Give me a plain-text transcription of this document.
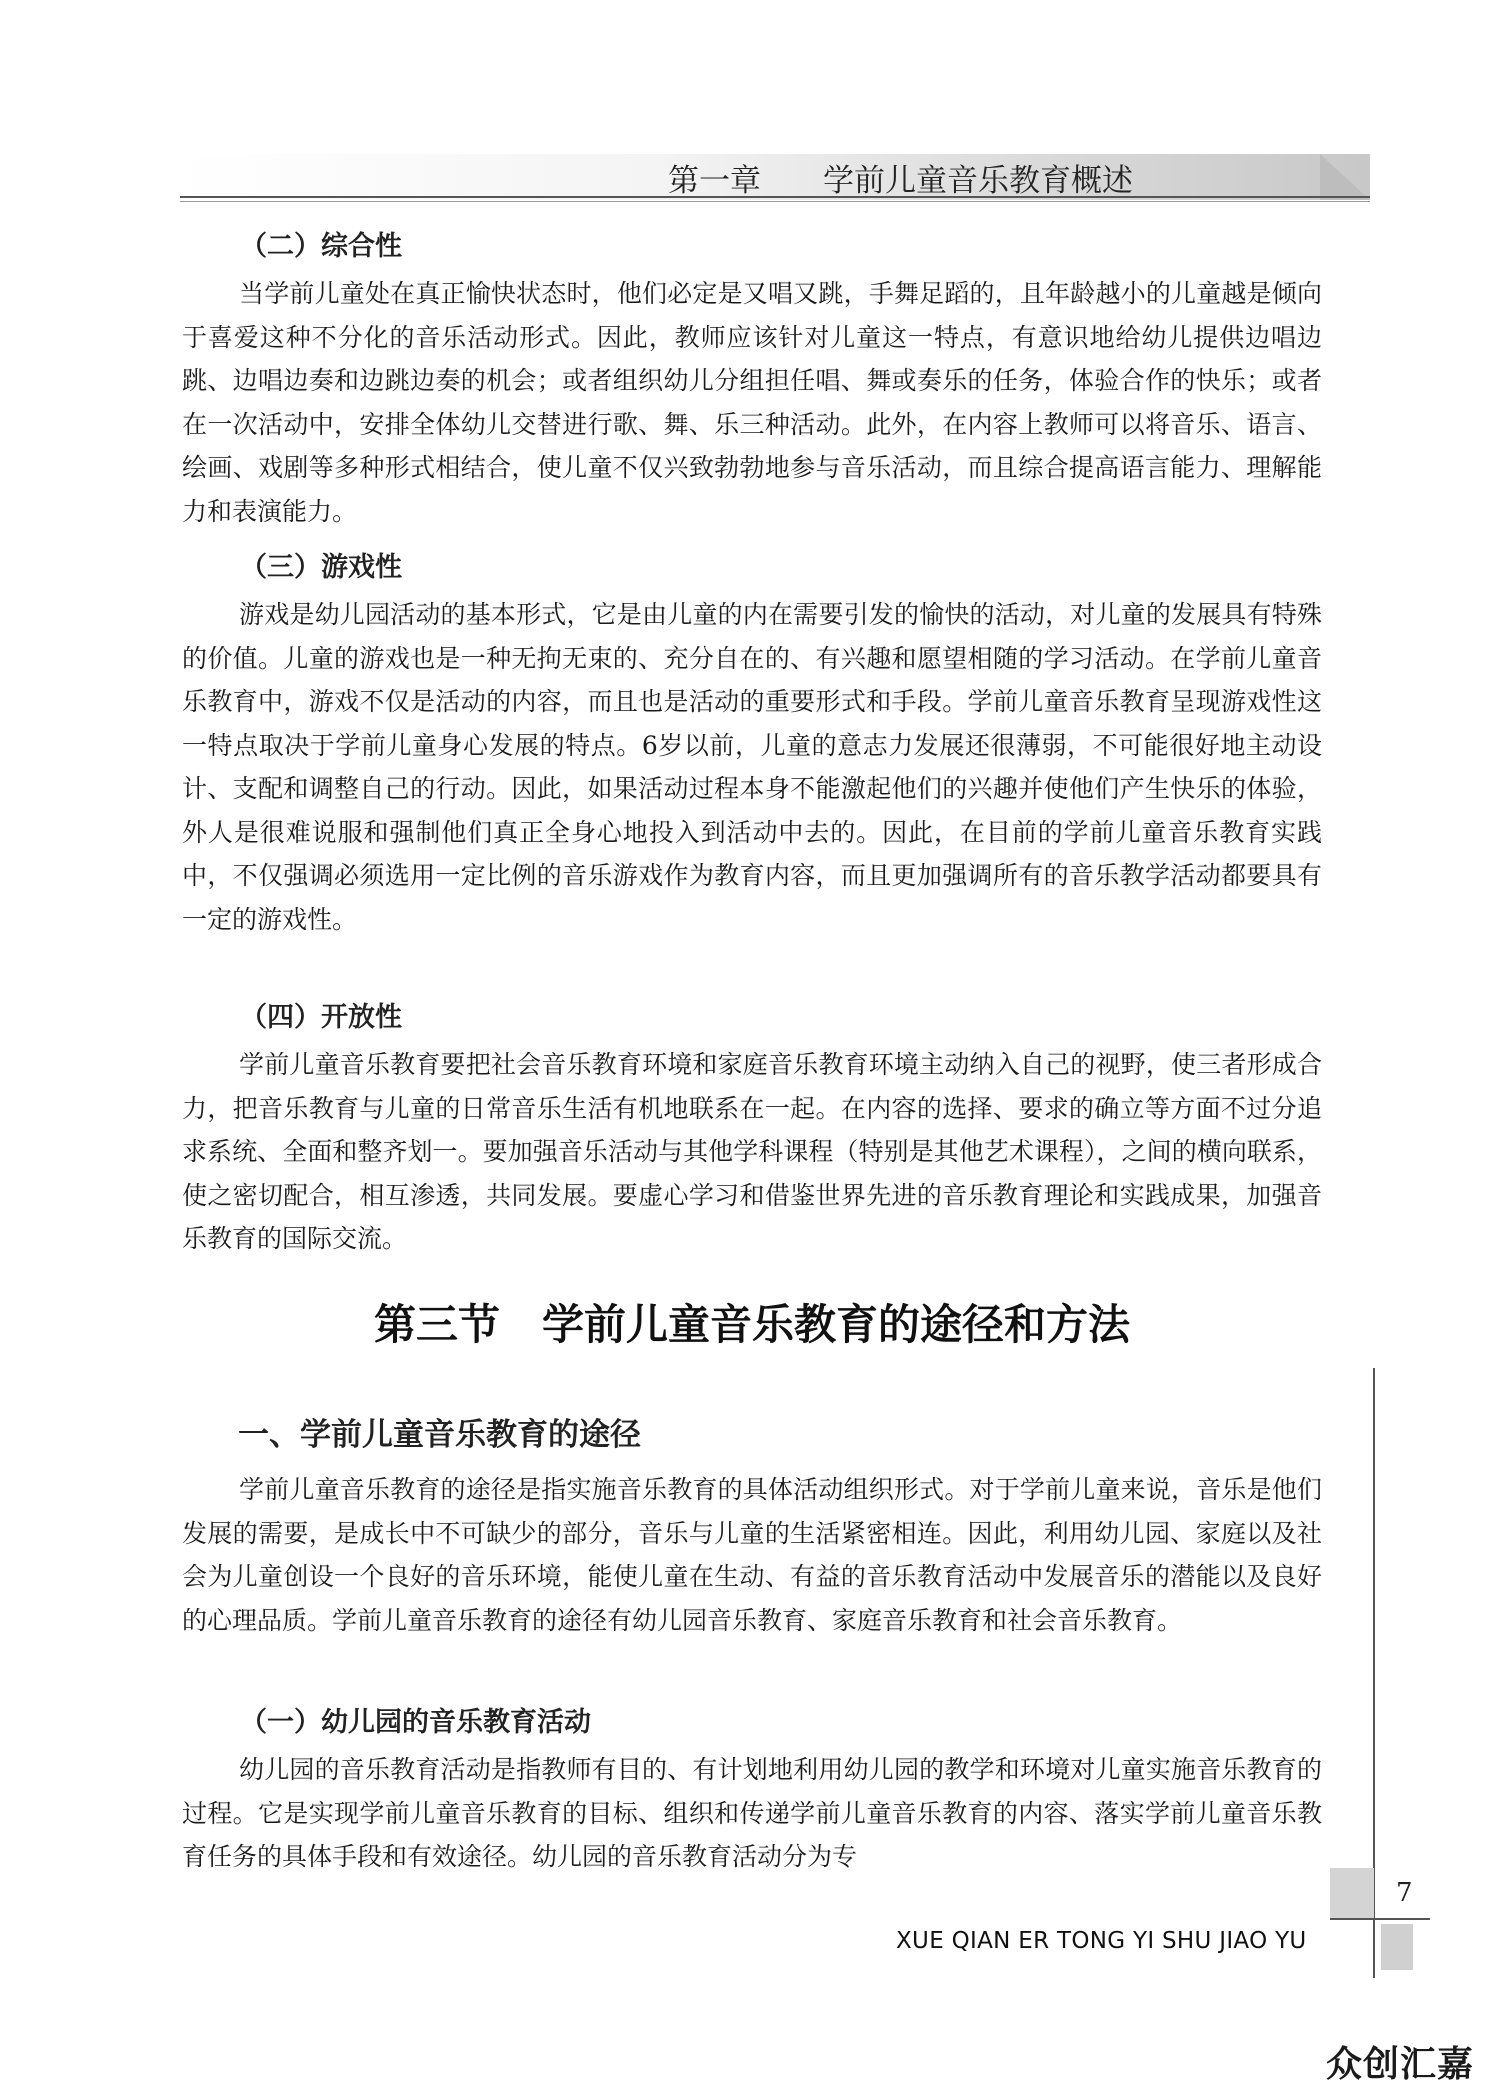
第一章　　学前儿童音乐教育概述
（二）综合性

当学前儿童处在真正愉快状态时，他们必定是又唱又跳，手舞足蹈的，且年龄越小的儿童越是倾向于喜爱这种不分化的音乐活动形式。因此，教师应该针对儿童这一特点，有意识地给幼儿提供边唱边跳、边唱边奏和边跳边奏的机会；或者组织幼儿分组担任唱、舞或奏乐的任务，体验合作的快乐；或者在一次活动中，安排全体幼儿交替进行歌、舞、乐三种活动。此外，在内容上教师可以将音乐、语言、绘画、戏剧等多种形式相结合，使儿童不仅兴致勃勃地参与音乐活动，而且综合提高语言能力、理解能力和表演能力。

（三）游戏性

游戏是幼儿园活动的基本形式，它是由儿童的内在需要引发的愉快的活动，对儿童的发展具有特殊的价值。儿童的游戏也是一种无拘无束的、充分自在的、有兴趣和愿望相随的学习活动。在学前儿童音乐教育中，游戏不仅是活动的内容，而且也是活动的重要形式和手段。学前儿童音乐教育呈现游戏性这一特点取决于学前儿童身心发展的特点。6岁以前，儿童的意志力发展还很薄弱，不可能很好地主动设计、支配和调整自己的行动。因此，如果活动过程本身不能激起他们的兴趣并使他们产生快乐的体验，外人是很难说服和强制他们真正全身心地投入到活动中去的。因此，在目前的学前儿童音乐教育实践中，不仅强调必须选用一定比例的音乐游戏作为教育内容，而且更加强调所有的音乐教学活动都要具有一定的游戏性。

（四）开放性

学前儿童音乐教育要把社会音乐教育环境和家庭音乐教育环境主动纳入自己的视野，使三者形成合力，把音乐教育与儿童的日常音乐生活有机地联系在一起。在内容的选择、要求的确立等方面不过分追求系统、全面和整齐划一。要加强音乐活动与其他学科课程（特别是其他艺术课程），之间的横向联系，使之密切配合，相互渗透，共同发展。要虚心学习和借鉴世界先进的音乐教育理论和实践成果，加强音乐教育的国际交流。

第三节　学前儿童音乐教育的途径和方法
一、学前儿童音乐教育的途径

学前儿童音乐教育的途径是指实施音乐教育的具体活动组织形式。对于学前儿童来说，音乐是他们发展的需要，是成长中不可缺少的部分，音乐与儿童的生活紧密相连。因此，利用幼儿园、家庭以及社会为儿童创设一个良好的音乐环境，能使儿童在生动、有益的音乐教育活动中发展音乐的潜能以及良好的心理品质。学前儿童音乐教育的途径有幼儿园音乐教育、家庭音乐教育和社会音乐教育。

（一）幼儿园的音乐教育活动

幼儿园的音乐教育活动是指教师有目的、有计划地利用幼儿园的教学和环境对儿童实施音乐教育的过程。它是实现学前儿童音乐教育的目标、组织和传递学前儿童音乐教育的内容、落实学前儿童音乐教育任务的具体手段和有效途径。幼儿园的音乐教育活动分为专

7
XUE QIAN ER TONG YI SHU JIAO YU
众创汇嘉
